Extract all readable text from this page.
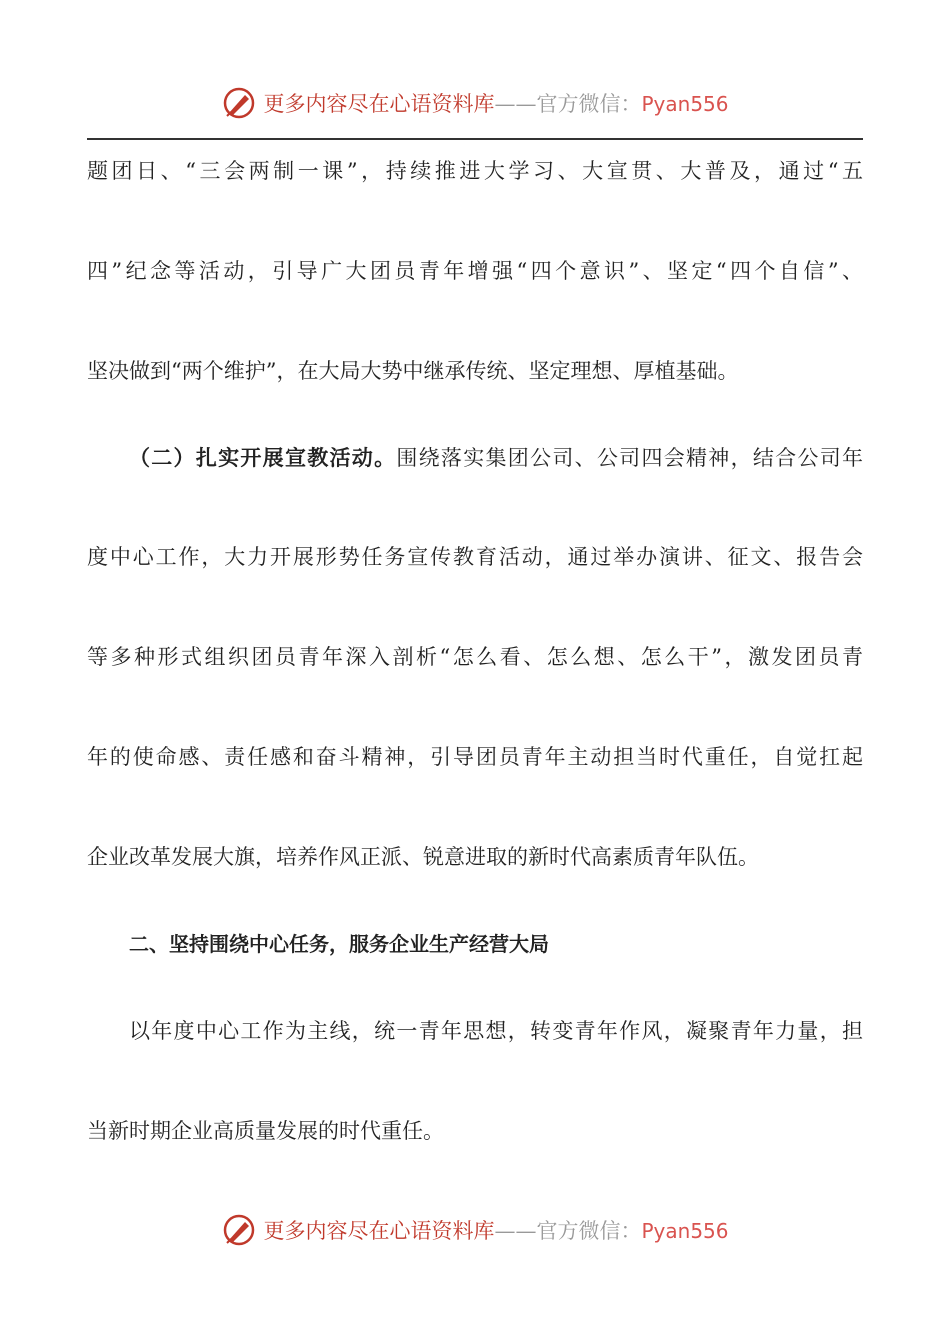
更多内容尽在心语资料库——官方微信：Pyan556
题团日、“三会两制一课”，持续推进大学习、大宣贯、大普及，通过“五
四”纪念等活动，引导广大团员青年增强“四个意识”、坚定“四个自信”、
坚决做到“两个维护”，在大局大势中继承传统、坚定理想、厚植基础。
（二）扎实开展宣教活动。围绕落实集团公司、公司四会精神，结合公司年
度中心工作，大力开展形势任务宣传教育活动，通过举办演讲、征文、报告会
等多种形式组织团员青年深入剖析“怎么看、怎么想、怎么干”，激发团员青
年的使命感、责任感和奋斗精神，引导团员青年主动担当时代重任，自觉扛起
企业改革发展大旗，培养作风正派、锐意进取的新时代高素质青年队伍。
二、坚持围绕中心任务，服务企业生产经营大局
以年度中心工作为主线，统一青年思想，转变青年作风，凝聚青年力量，担
当新时期企业高质量发展的时代重任。
更多内容尽在心语资料库——官方微信：Pyan556
